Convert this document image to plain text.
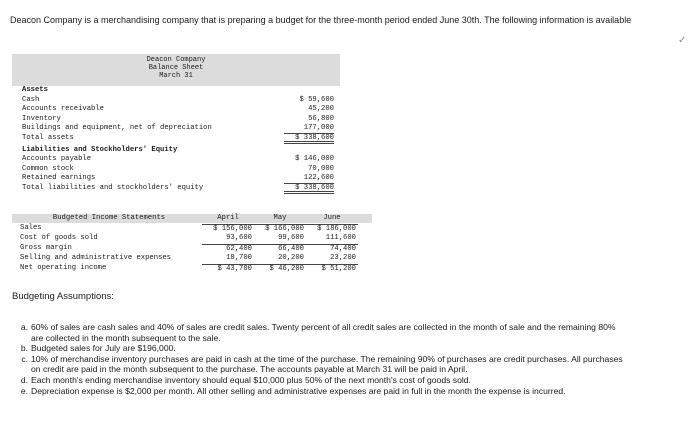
Deacon Company is a merchandising company that is preparing a budget for the three-month period ended June 30th. The following information is available
✓
Deacon Company
Balance Sheet
March 31
Assets
Cash	$ 59,600
Accounts receivable	45,200
Inventory	56,800
Buildings and equipment, net of depreciation	177,000
Total assets	$ 338,600
Liabilities and Stockholders' Equity
Accounts payable	$ 146,000
Common stock	70,000
Retained earnings	122,600
Total liabilities and stockholders' equity	$ 338,600
Budgeted Income Statements	April	May	June
Sales	$ 156,000	$ 166,000	$ 186,000
Cost of goods sold	93,600	99,600	111,600
Gross margin	62,400	66,400	74,400
Selling and administrative expenses	18,700	20,200	23,200
Net operating income	$ 43,700	$ 46,200	$ 51,200
Budgeting Assumptions:
a. 60% of sales are cash sales and 40% of sales are credit sales. Twenty percent of all credit sales are collected in the month of sale and the remaining 80% are collected in the month subsequent to the sale.
b. Budgeted sales for July are $196,000.
c. 10% of merchandise inventory purchases are paid in cash at the time of the purchase. The remaining 90% of purchases are credit purchases. All purchases on credit are paid in the month subsequent to the purchase. The accounts payable at March 31 will be paid in April.
d. Each month's ending merchandise inventory should equal $10,000 plus 50% of the next month's cost of goods sold.
e. Depreciation expense is $2,000 per month. All other selling and administrative expenses are paid in full in the month the expense is incurred.
